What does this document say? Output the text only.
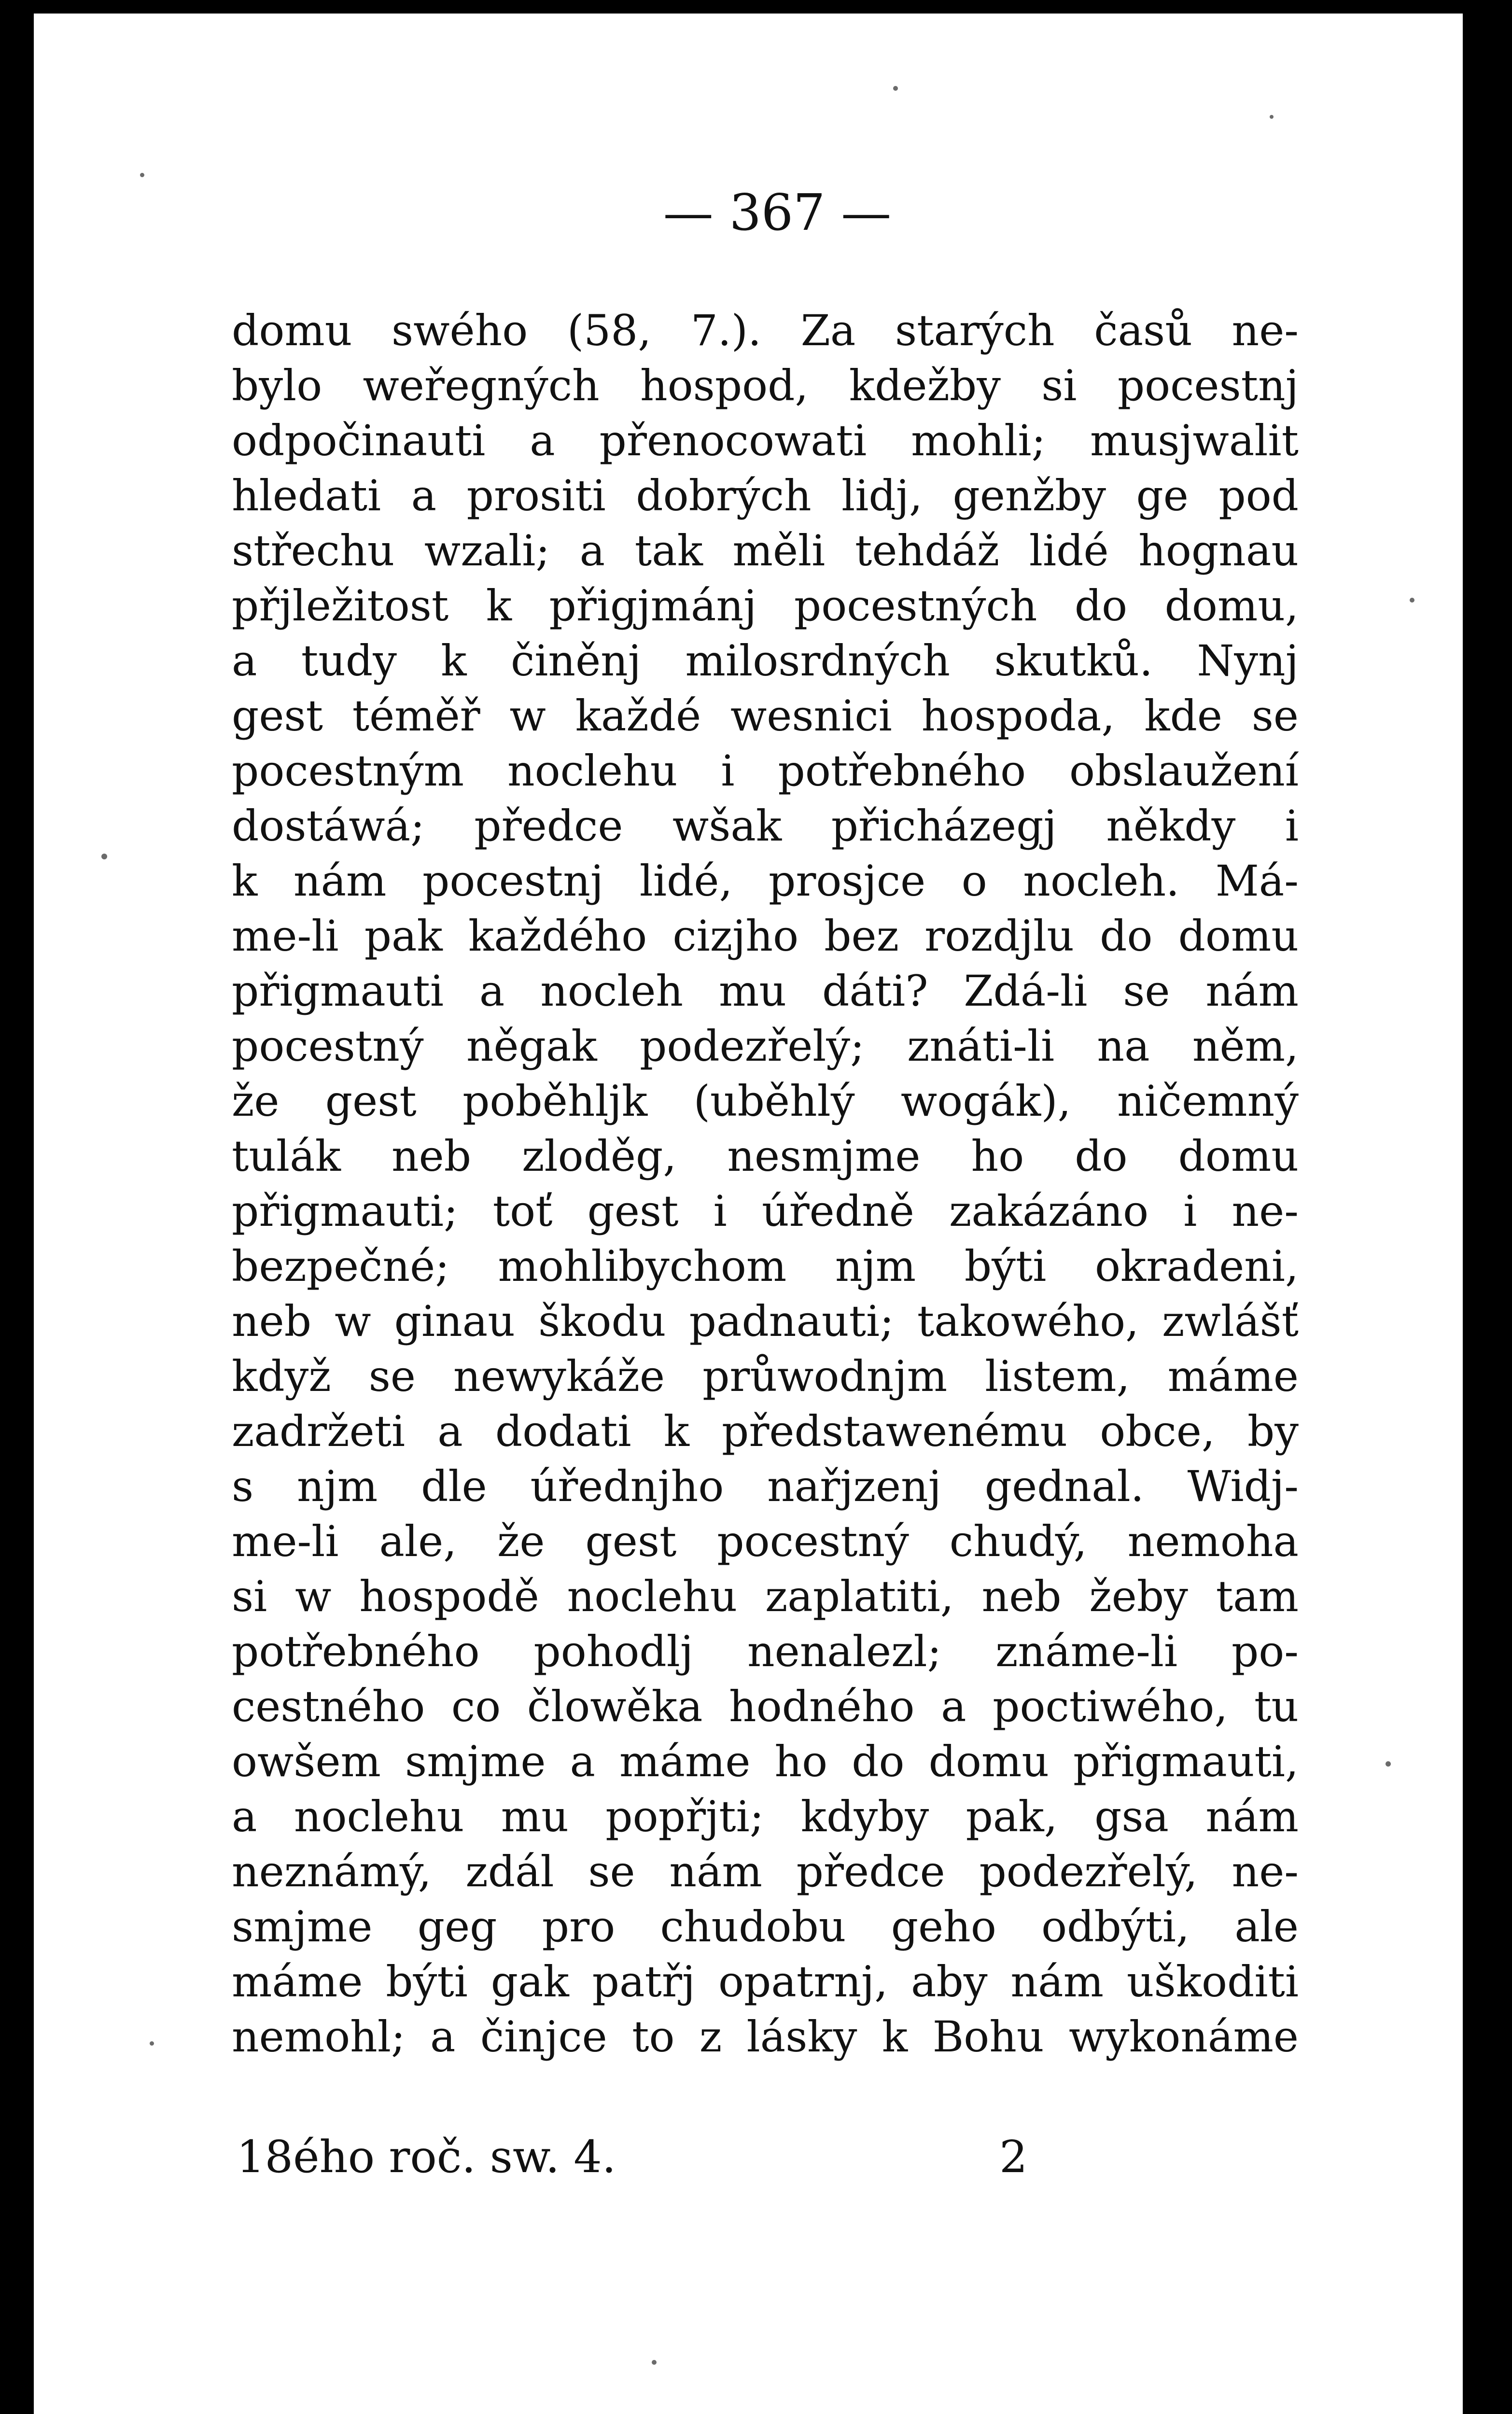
— 367 —
domu swého (58, 7.). Za starých časů ne-
bylo weřegných hospod, kdežby si pocestnj
odpočinauti a přenocowati mohli; musjwalit
hledati a prositi dobrých lidj, genžby ge pod
střechu wzali; a tak měli tehdáž lidé hognau
přjležitost k přigjmánj pocestných do domu,
a tudy k činěnj milosrdných skutků. Nynj
gest téměř w každé wesnici hospoda, kde se
pocestným noclehu i potřebného obslaužení
dostáwá; předce wšak přicházegj někdy i
k nám pocestnj lidé, prosjce o nocleh. Má-
me-li pak každého cizjho bez rozdjlu do domu
přigmauti a nocleh mu dáti? Zdá-li se nám
pocestný něgak podezřelý; znáti-li na něm,
že gest poběhljk (uběhlý wogák), ničemný
tulák neb zloděg, nesmjme ho do domu
přigmauti; toť gest i úředně zakázáno i ne-
bezpečné; mohlibychom njm býti okradeni,
neb w ginau škodu padnauti; takowého, zwlášť
když se newykáže průwodnjm listem, máme
zadržeti a dodati k předstawenému obce, by
s njm dle úřednjho nařjzenj gednal. Widj-
me-li ale, že gest pocestný chudý, nemoha
si w hospodě noclehu zaplatiti, neb žeby tam
potřebného pohodlj nenalezl; známe-li po-
cestného co člowěka hodného a poctiwého, tu
owšem smjme a máme ho do domu přigmauti,
a noclehu mu popřjti; kdyby pak, gsa nám
neznámý, zdál se nám předce podezřelý, ne-
smjme geg pro chudobu geho odbýti, ale
máme býti gak patřj opatrnj, aby nám uškoditi
nemohl; a činjce to z lásky k Bohu wykonáme
18ého roč. sw. 4.	2
